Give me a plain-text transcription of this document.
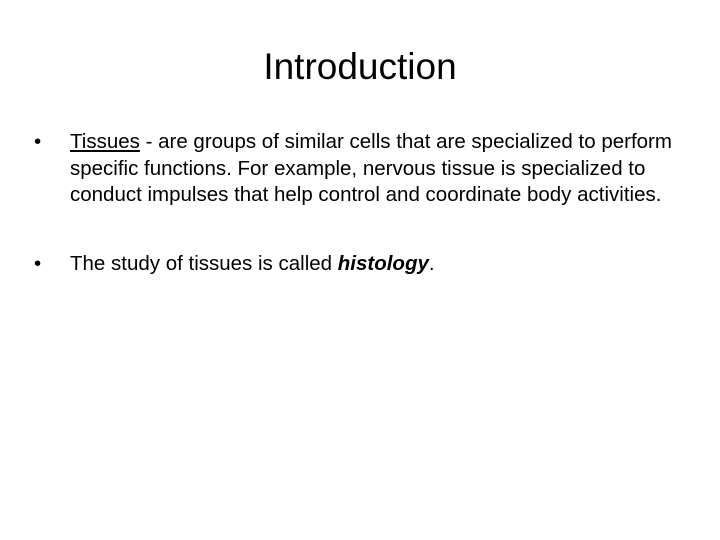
Introduction
•	Tissues - are groups of similar cells that are specialized to perform specific functions. For example, nervous tissue is specialized to conduct impulses that help control and coordinate body activities.
•	The study of tissues is called histology.
